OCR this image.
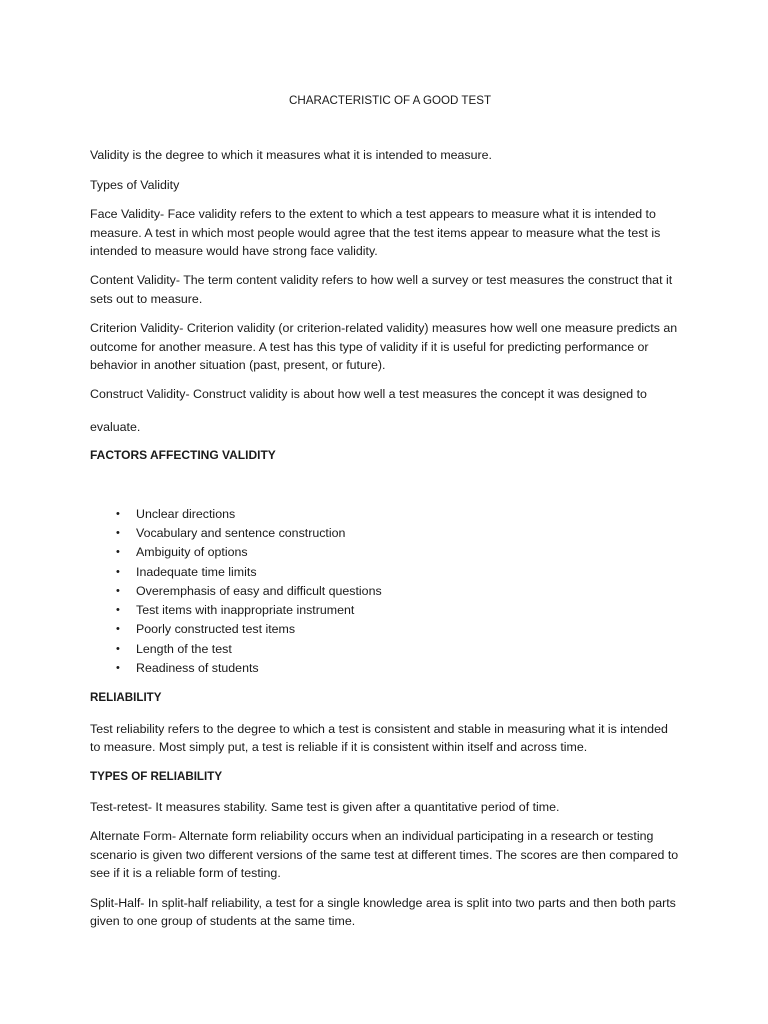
CHARACTERISTIC OF A GOOD TEST

Validity is the degree to which it measures what it is intended to measure.

Types of Validity

Face Validity- Face validity refers to the extent to which a test appears to measure what it is intended to measure. A test in which most people would agree that the test items appear to measure what the test is intended to measure would have strong face validity.

Content Validity- The term content validity refers to how well a survey or test measures the construct that it sets out to measure.

Criterion Validity- Criterion validity (or criterion-related validity) measures how well one measure predicts an outcome for another measure. A test has this type of validity if it is useful for predicting performance or behavior in another situation (past, present, or future).

Construct Validity- Construct validity is about how well a test measures the concept it was designed to

evaluate.

FACTORS AFFECTING VALIDITY
• Unclear directions
• Vocabulary and sentence construction
• Ambiguity of options
• Inadequate time limits
• Overemphasis of easy and difficult questions
• Test items with inappropriate instrument
• Poorly constructed test items
• Length of the test
• Readiness of students
RELIABILITY

Test reliability refers to the degree to which a test is consistent and stable in measuring what it is intended to measure. Most simply put, a test is reliable if it is consistent within itself and across time.

TYPES OF RELIABILITY

Test-retest- It measures stability. Same test is given after a quantitative period of time.

Alternate Form- Alternate form reliability occurs when an individual participating in a research or testing scenario is given two different versions of the same test at different times. The scores are then compared to see if it is a reliable form of testing.

Split-Half- In split-half reliability, a test for a single knowledge area is split into two parts and then both parts given to one group of students at the same time.
